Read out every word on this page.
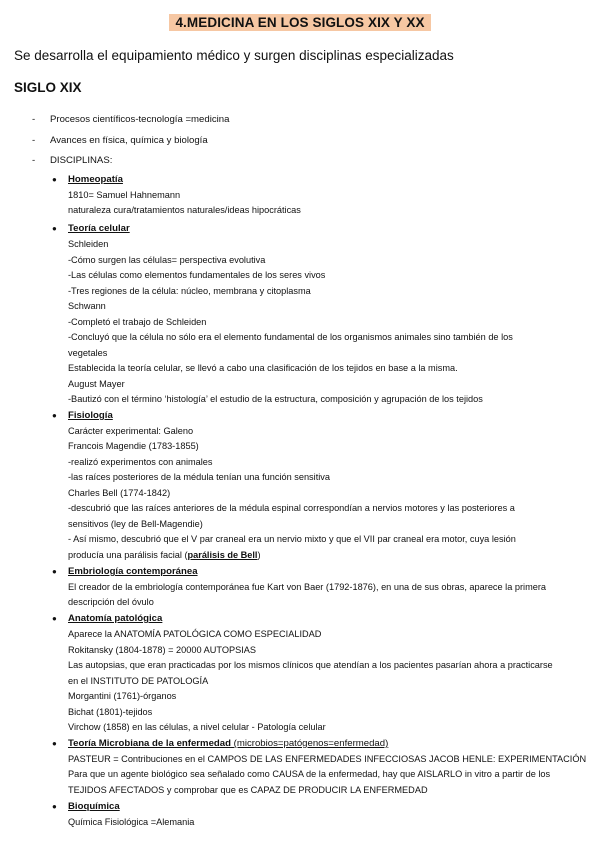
4.MEDICINA EN LOS SIGLOS XIX Y XX
Se desarrolla el equipamiento médico y surgen disciplinas especializadas
SIGLO XIX
- Procesos científicos-tecnología =medicina
- Avances en física, química y biología
- DISCIPLINAS:
● Homeopatía
1810= Samuel Hahnemann
naturaleza cura/tratamientos naturales/ideas hipocráticas
● Teoría celular
Schleiden
-Cómo surgen las células= perspectiva evolutiva
-Las células como elementos fundamentales de los seres vivos
-Tres regiones de la célula: núcleo, membrana y citoplasma
Schwann
-Completó el trabajo de Schleiden
-Concluyó que la célula no sólo era el elemento fundamental de los organismos animales sino también de los
vegetales
Establecida la teoría celular, se llevó a cabo una clasificación de los tejidos en base a la misma.
August Mayer
-Bautizó con el término ‘histología’ el estudio de la estructura, composición y agrupación de los tejidos
● Fisiología
Carácter experimental: Galeno
Francois Magendie (1783-1855)
-realizó experimentos con animales
-las raíces posteriores de la médula tenían una función sensitiva
Charles Bell (1774-1842)
-descubrió que las raíces anteriores de la médula espinal correspondían a nervios motores y las posteriores a
sensitivos (ley de Bell-Magendie)
- Así mismo, descubrió que el V par craneal era un nervio mixto y que el VII par craneal era motor, cuya lesión
producía una parálisis facial (parálisis de Bell)
● Embriología contemporánea
El creador de la embriología contemporánea fue Kart von Baer (1792-1876), en una de sus obras, aparece la primera
descripción del óvulo
● Anatomía patológica
Aparece la ANATOMÍA PATOLÓGICA COMO ESPECIALIDAD
Rokitansky (1804-1878) = 20000 AUTOPSIAS
Las autopsias, que eran practicadas por los mismos clínicos que atendían a los pacientes pasarían ahora a practicarse
en el INSTITUTO DE PATOLOGÍA
Morgantini (1761)-órganos
Bichat (1801)-tejidos
Virchow (1858) en las células, a nivel celular - Patología celular
● Teoría Microbiana de la enfermedad (microbios=patógenos=enfermedad)
PASTEUR = Contribuciones en el CAMPOS DE LAS ENFERMEDADES INFECCIOSAS JACOB HENLE: EXPERIMENTACIÓN
Para que un agente biológico sea señalado como CAUSA de la enfermedad, hay que AISLARLO in vitro a partir de los
TEJIDOS AFECTADOS y comprobar que es CAPAZ DE PRODUCIR LA ENFERMEDAD
● Bioquímica
Química Fisiológica =Alemania
